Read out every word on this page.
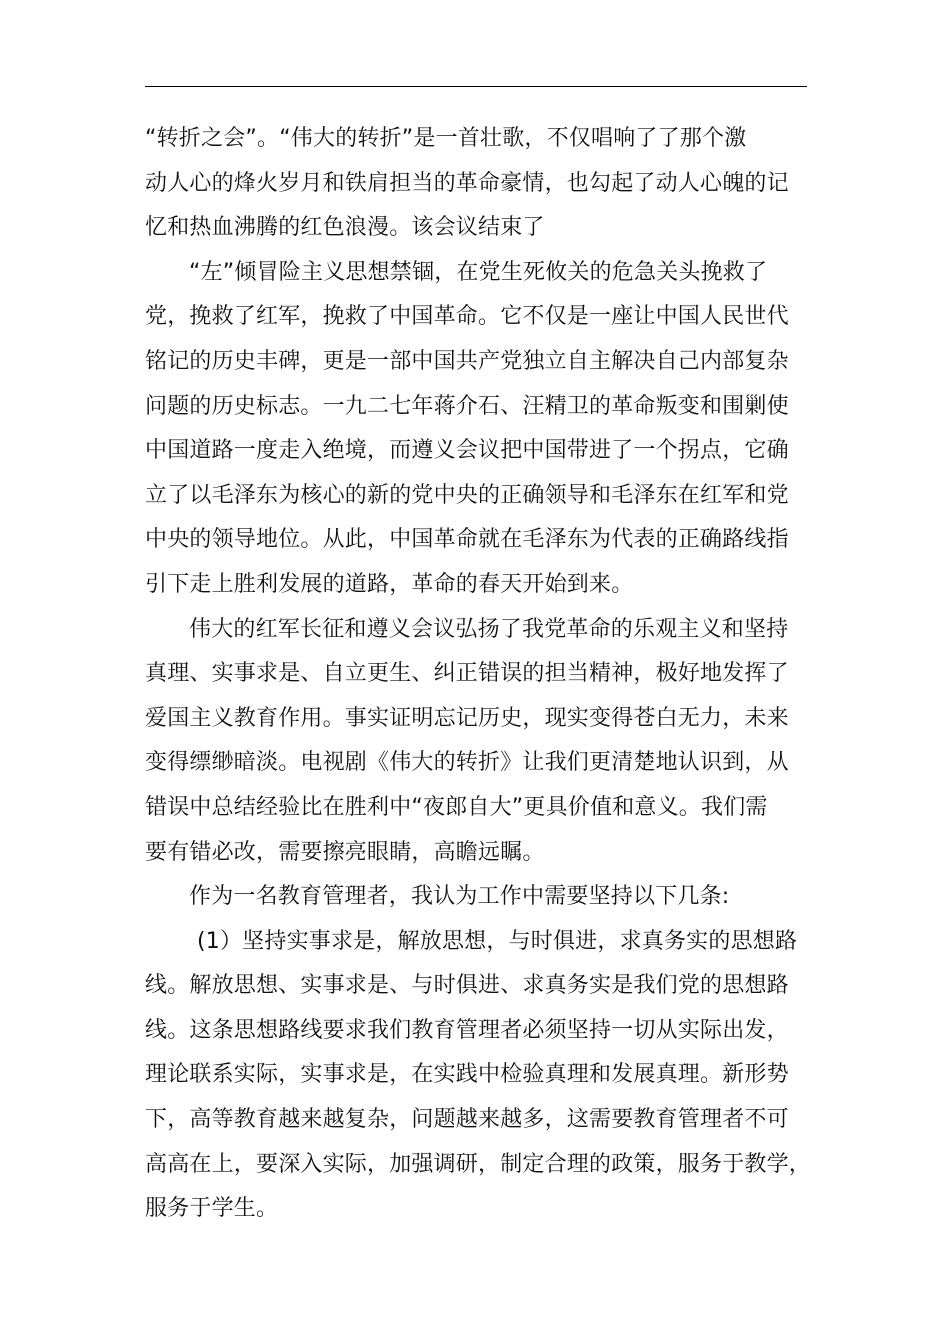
“转折之会”。“伟大的转折”是一首壮歌，不仅唱响了了那个激
动人心的烽火岁月和铁肩担当的革命豪情，也勾起了动人心魄的记
忆和热血沸腾的红色浪漫。该会议结束了

“左”倾冒险主义思想禁锢，在党生死攸关的危急关头挽救了
党，挽救了红军，挽救了中国革命。它不仅是一座让中国人民世代
铭记的历史丰碑，更是一部中国共产党独立自主解决自己内部复杂
问题的历史标志。一九二七年蒋介石、汪精卫的革命叛变和围剿使
中国道路一度走入绝境，而遵义会议把中国带进了一个拐点，它确
立了以毛泽东为核心的新的党中央的正确领导和毛泽东在红军和党
中央的领导地位。从此，中国革命就在毛泽东为代表的正确路线指
引下走上胜利发展的道路，革命的春天开始到来。

伟大的红军长征和遵义会议弘扬了我党革命的乐观主义和坚持
真理、实事求是、自立更生、纠正错误的担当精神，极好地发挥了
爱国主义教育作用。事实证明忘记历史，现实变得苍白无力，未来
变得缥缈暗淡。电视剧《伟大的转折》让我们更清楚地认识到，从
错误中总结经验比在胜利中“夜郎自大”更具价值和意义。我们需
要有错必改，需要擦亮眼睛，高瞻远瞩。

作为一名教育管理者，我认为工作中需要坚持以下几条:

(1）坚持实事求是，解放思想，与时俱进，求真务实的思想路
线。解放思想、实事求是、与时俱进、求真务实是我们党的思想路
线。这条思想路线要求我们教育管理者必须坚持一切从实际出发，
理论联系实际，实事求是，在实践中检验真理和发展真理。新形势
下，高等教育越来越复杂，问题越来越多，这需要教育管理者不可
高高在上，要深入实际，加强调研，制定合理的政策，服务于教学，
服务于学生。
